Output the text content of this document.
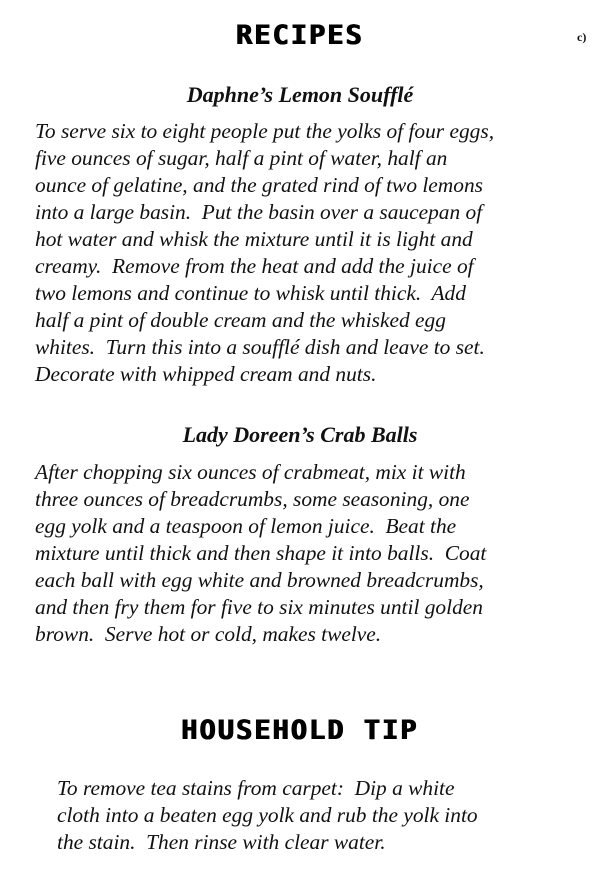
RECIPES	c)
Daphne’s Lemon Soufflé
To serve six to eight people put the yolks of four eggs,
five ounces of sugar, half a pint of water, half an
ounce of gelatine, and the grated rind of two lemons
into a large basin.  Put the basin over a saucepan of
hot water and whisk the mixture until it is light and
creamy.  Remove from the heat and add the juice of
two lemons and continue to whisk until thick.  Add
half a pint of double cream and the whisked egg
whites.  Turn this into a soufflé dish and leave to set.
Decorate with whipped cream and nuts.
Lady Doreen’s Crab Balls
After chopping six ounces of crabmeat, mix it with
three ounces of breadcrumbs, some seasoning, one
egg yolk and a teaspoon of lemon juice.  Beat the
mixture until thick and then shape it into balls.  Coat
each ball with egg white and browned breadcrumbs,
and then fry them for five to six minutes until golden
brown.  Serve hot or cold, makes twelve.
HOUSEHOLD TIP
To remove tea stains from carpet:  Dip a white
cloth into a beaten egg yolk and rub the yolk into
the stain.  Then rinse with clear water.
